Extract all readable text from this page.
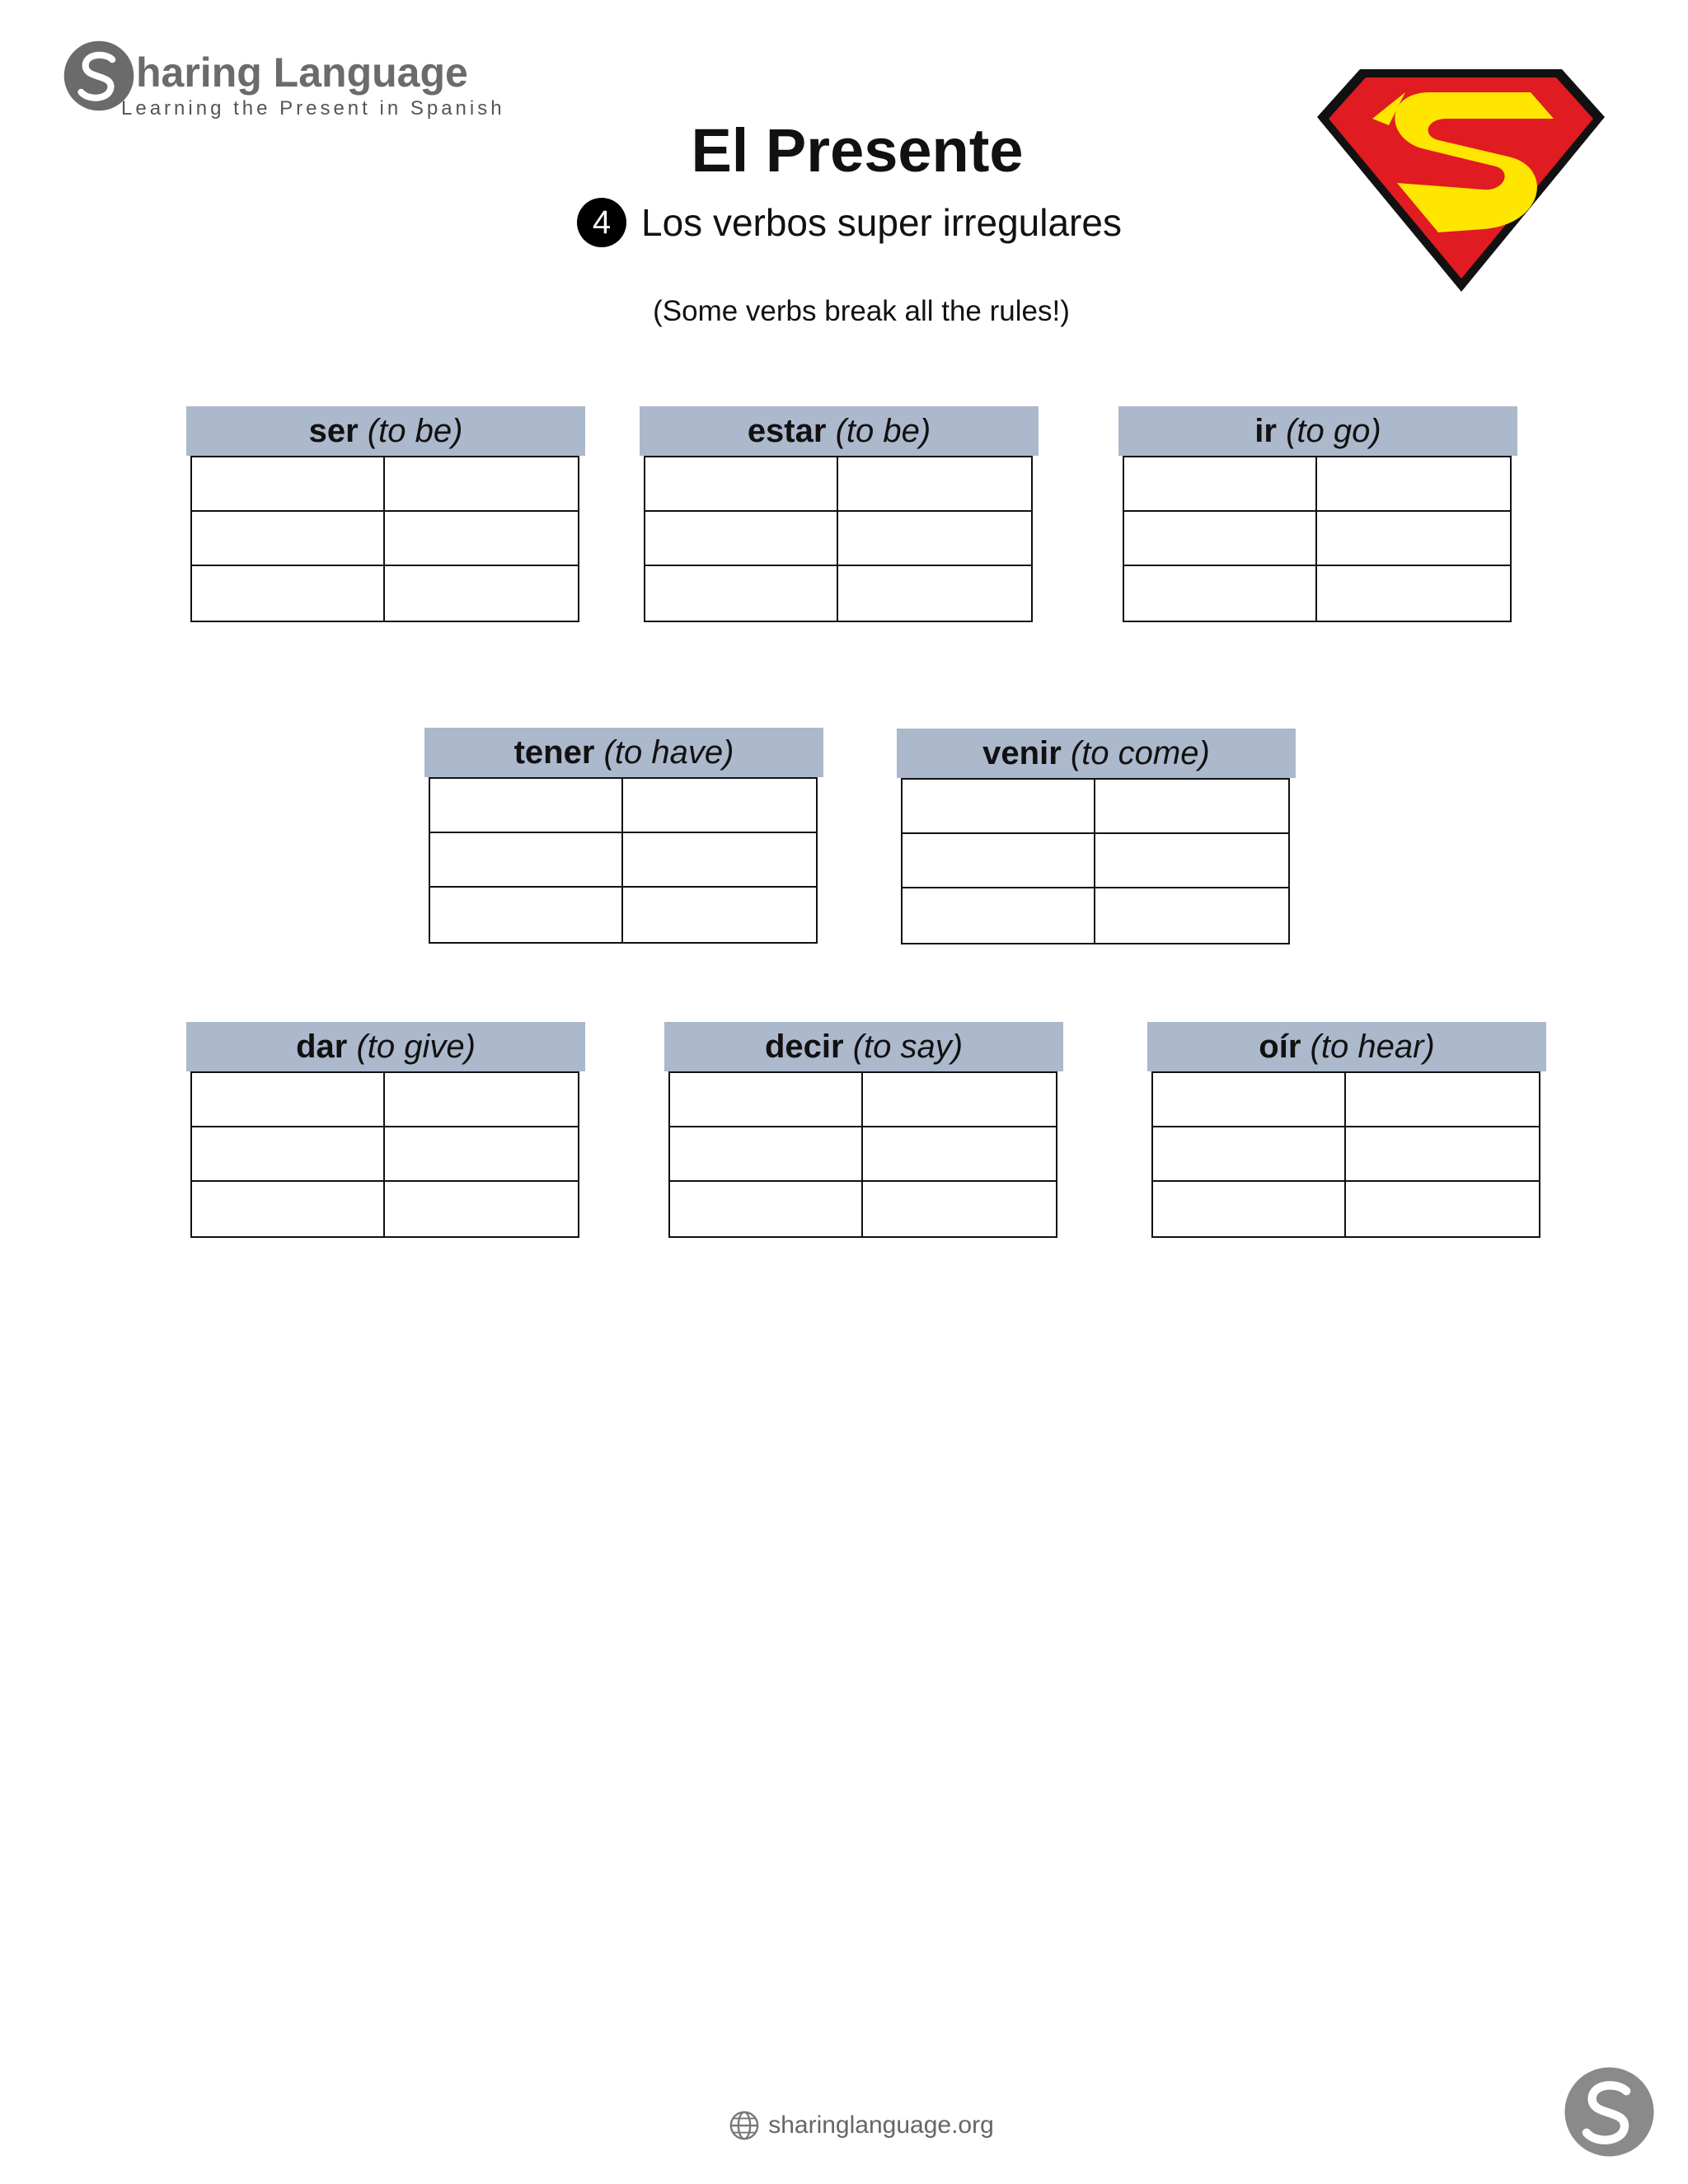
haring Language
Learning the Present in Spanish
El Presente
4 Los verbos super irregulares
(Some verbs break all the rules!)
ser (to be)	estar (to be)	ir (to go)
tener (to have)	venir (to come)
dar (to give)	decir (to say)	oír (to hear)
sharinglanguage.org
